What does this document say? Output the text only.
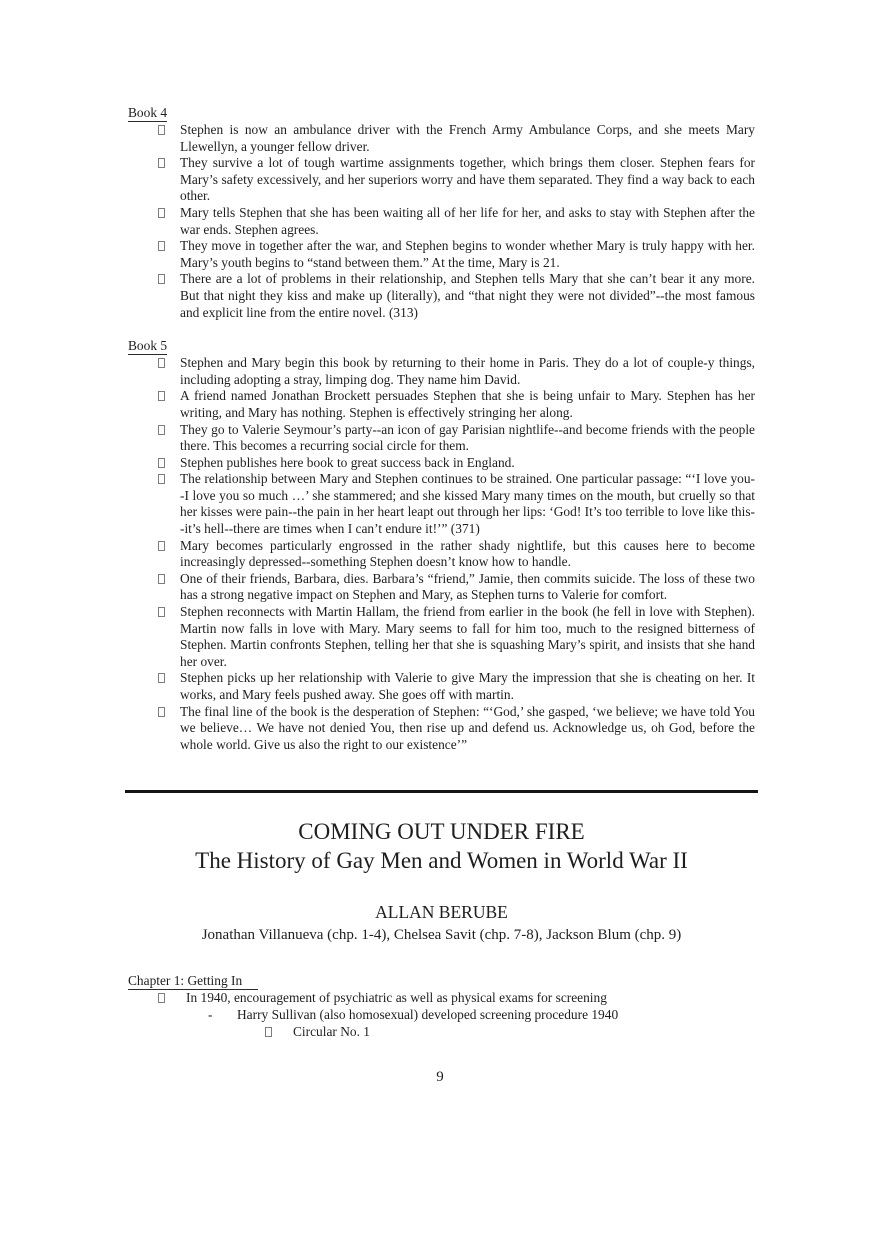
Book 4
Stephen is now an ambulance driver with the French Army Ambulance Corps, and she meets Mary Llewellyn, a younger fellow driver.
They survive a lot of tough wartime assignments together, which brings them closer. Stephen fears for Mary’s safety excessively, and her superiors worry and have them separated. They find a way back to each other.
Mary tells Stephen that she has been waiting all of her life for her, and asks to stay with Stephen after the war ends. Stephen agrees.
They move in together after the war, and Stephen begins to wonder whether Mary is truly happy with her. Mary’s youth begins to “stand between them.” At the time, Mary is 21.
There are a lot of problems in their relationship, and Stephen tells Mary that she can’t bear it any more. But that night they kiss and make up (literally), and “that night they were not divided”--the most famous and explicit line from the entire novel. (313)
Book 5
Stephen and Mary begin this book by returning to their home in Paris. They do a lot of couple-y things, including adopting a stray, limping dog. They name him David.
A friend named Jonathan Brockett persuades Stephen that she is being unfair to Mary. Stephen has her writing, and Mary has nothing. Stephen is effectively stringing her along.
They go to Valerie Seymour’s party--an icon of gay Parisian nightlife--and become friends with the people there. This becomes a recurring social circle for them.
Stephen publishes here book to great success back in England.
The relationship between Mary and Stephen continues to be strained. One particular passage: “‘I love you--I love you so much …’ she stammered; and she kissed Mary many times on the mouth, but cruelly so that her kisses were pain--the pain in her heart leapt out through her lips: ‘God! It’s too terrible to love like this--it’s hell--there are times when I can’t endure it!’” (371)
Mary becomes particularly engrossed in the rather shady nightlife, but this causes here to become increasingly depressed--something Stephen doesn’t know how to handle.
One of their friends, Barbara, dies. Barbara’s “friend,” Jamie, then commits suicide. The loss of these two has a strong negative impact on Stephen and Mary, as Stephen turns to Valerie for comfort.
Stephen reconnects with Martin Hallam, the friend from earlier in the book (he fell in love with Stephen). Martin now falls in love with Mary. Mary seems to fall for him too, much to the resigned bitterness of Stephen. Martin confronts Stephen, telling her that she is squashing Mary’s spirit, and insists that she hand her over.
Stephen picks up her relationship with Valerie to give Mary the impression that she is cheating on her. It works, and Mary feels pushed away. She goes off with martin.
The final line of the book is the desperation of Stephen: “‘God,’ she gasped, ‘we believe; we have told You we believe… We have not denied You, then rise up and defend us. Acknowledge us, oh God, before the whole world. Give us also the right to our existence’”
COMING OUT UNDER FIRE
The History of Gay Men and Women in World War II
ALLAN BERUBE
Jonathan Villanueva (chp. 1-4), Chelsea Savit (chp. 7-8), Jackson Blum (chp. 9)
Chapter 1: Getting In
In 1940, encouragement of psychiatric as well as physical exams for screening
-	Harry Sullivan (also homosexual) developed screening procedure 1940
Circular No. 1
9
